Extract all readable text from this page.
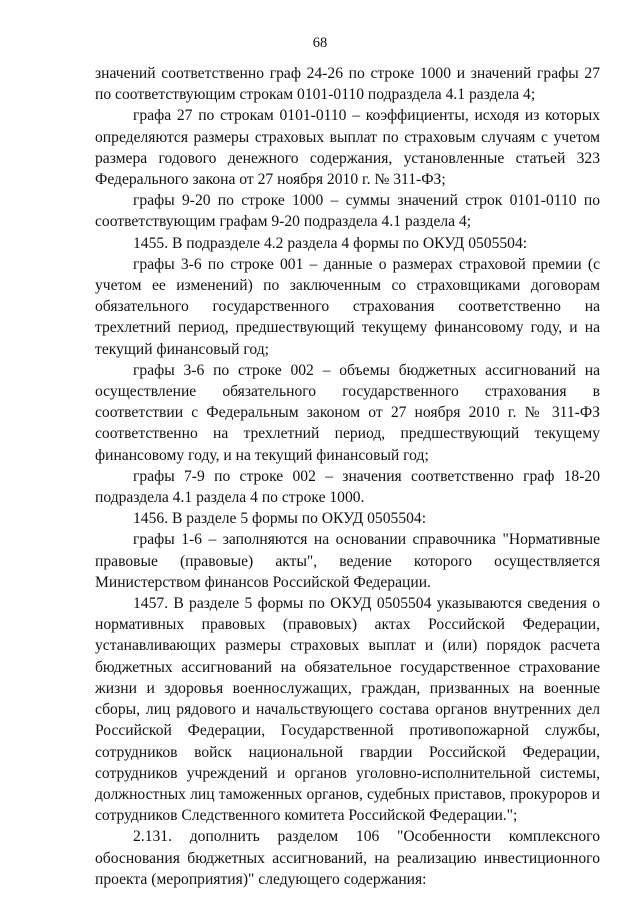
68

значений соответственно граф 24-26 по строке 1000 и значений графы 27 по соответствующим строкам 0101-0110 подраздела 4.1 раздела 4;

графа 27 по строкам 0101-0110 – коэффициенты, исходя из которых определяются размеры страховых выплат по страховым случаям с учетом размера годового денежного содержания, установленные статьей 323 Федерального закона от 27 ноября 2010 г. № 311-ФЗ;

графы 9-20 по строке 1000 – суммы значений строк 0101-0110 по соответствующим графам 9-20 подраздела 4.1 раздела 4;

1455. В подразделе 4.2 раздела 4 формы по ОКУД 0505504:

графы 3-6 по строке 001 – данные о размерах страховой премии (с учетом ее изменений) по заключенным со страховщиками договорам обязательного государственного страхования соответственно на трехлетний период, предшествующий текущему финансовому году, и на текущий финансовый год;

графы 3-6 по строке 002 – объемы бюджетных ассигнований на осуществление обязательного государственного страхования в соответствии с Федеральным законом от 27 ноября 2010 г. № 311-ФЗ соответственно на трехлетний период, предшествующий текущему финансовому году, и на текущий финансовый год;

графы 7-9 по строке 002 – значения соответственно граф 18-20 подраздела 4.1 раздела 4 по строке 1000.

1456. В разделе 5 формы по ОКУД 0505504:

графы 1-6 – заполняются на основании справочника "Нормативные правовые (правовые) акты", ведение которого осуществляется Министерством финансов Российской Федерации.

1457. В разделе 5 формы по ОКУД 0505504 указываются сведения о нормативных правовых (правовых) актах Российской Федерации, устанавливающих размеры страховых выплат и (или) порядок расчета бюджетных ассигнований на обязательное государственное страхование жизни и здоровья военнослужащих, граждан, призванных на военные сборы, лиц рядового и начальствующего состава органов внутренних дел Российской Федерации, Государственной противопожарной службы, сотрудников войск национальной гвардии Российской Федерации, сотрудников учреждений и органов уголовно-исполнительной системы, должностных лиц таможенных органов, судебных приставов, прокуроров и сотрудников Следственного комитета Российской Федерации.";

2.131. дополнить разделом 106 "Особенности комплексного обоснования бюджетных ассигнований, на реализацию инвестиционного проекта (мероприятия)" следующего содержания:
